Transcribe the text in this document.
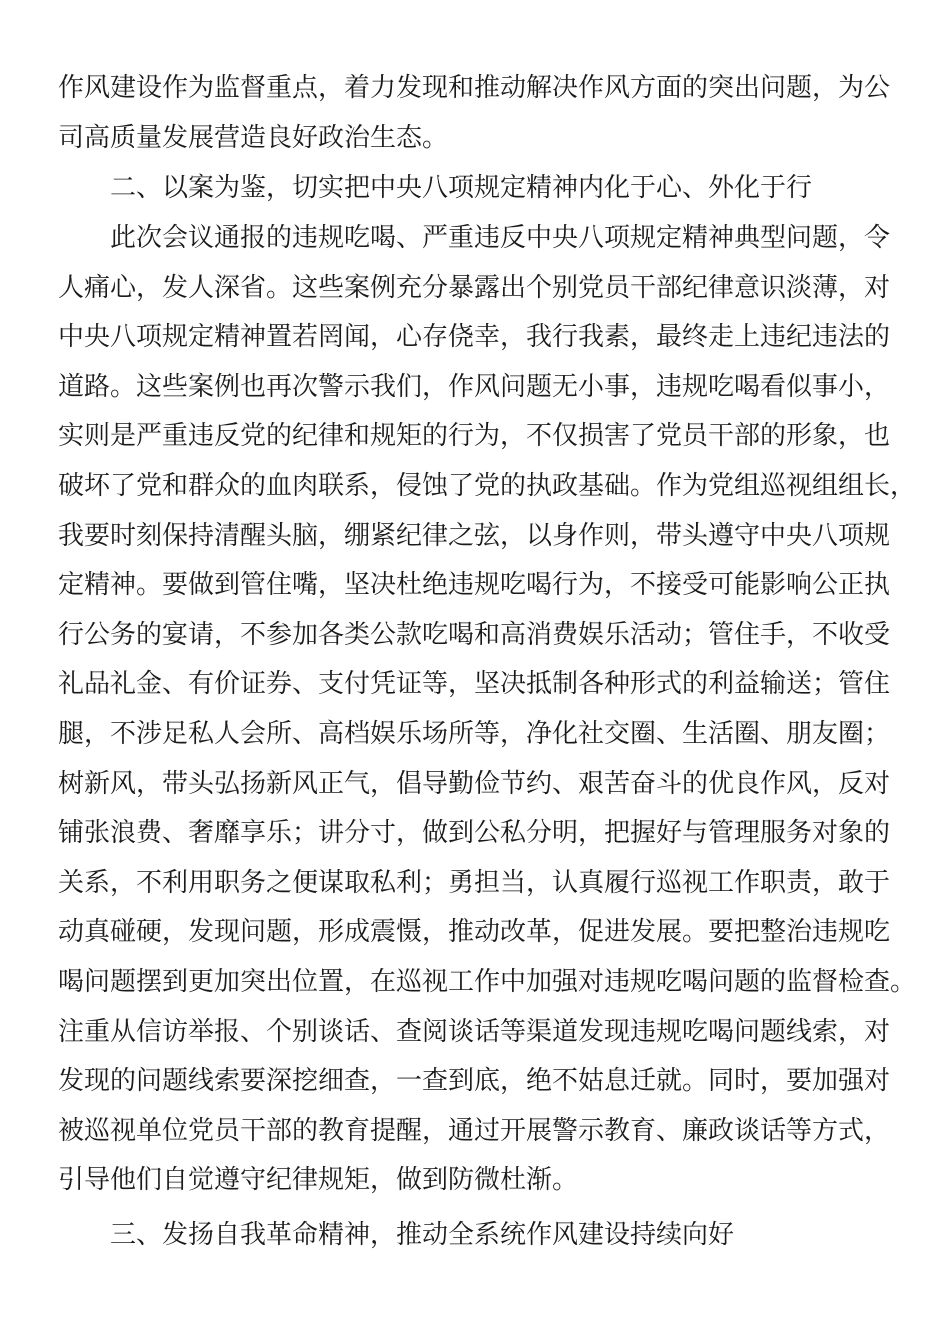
作风建设作为监督重点，着力发现和推动解决作风方面的突出问题，为公
司高质量发展营造良好政治生态。
二、以案为鉴，切实把中央八项规定精神内化于心、外化于行
此次会议通报的违规吃喝、严重违反中央八项规定精神典型问题，令
人痛心，发人深省。这些案例充分暴露出个别党员干部纪律意识淡薄，对
中央八项规定精神置若罔闻，心存侥幸，我行我素，最终走上违纪违法的
道路。这些案例也再次警示我们，作风问题无小事，违规吃喝看似事小，
实则是严重违反党的纪律和规矩的行为，不仅损害了党员干部的形象，也
破坏了党和群众的血肉联系，侵蚀了党的执政基础。作为党组巡视组组长，
我要时刻保持清醒头脑，绷紧纪律之弦，以身作则，带头遵守中央八项规
定精神。要做到管住嘴，坚决杜绝违规吃喝行为，不接受可能影响公正执
行公务的宴请，不参加各类公款吃喝和高消费娱乐活动；管住手，不收受
礼品礼金、有价证券、支付凭证等，坚决抵制各种形式的利益输送；管住
腿，不涉足私人会所、高档娱乐场所等，净化社交圈、生活圈、朋友圈；
树新风，带头弘扬新风正气，倡导勤俭节约、艰苦奋斗的优良作风，反对
铺张浪费、奢靡享乐；讲分寸，做到公私分明，把握好与管理服务对象的
关系，不利用职务之便谋取私利；勇担当，认真履行巡视工作职责，敢于
动真碰硬，发现问题，形成震慑，推动改革，促进发展。要把整治违规吃
喝问题摆到更加突出位置，在巡视工作中加强对违规吃喝问题的监督检查。
注重从信访举报、个别谈话、查阅谈话等渠道发现违规吃喝问题线索，对
发现的问题线索要深挖细查，一查到底，绝不姑息迁就。同时，要加强对
被巡视单位党员干部的教育提醒，通过开展警示教育、廉政谈话等方式，
引导他们自觉遵守纪律规矩，做到防微杜渐。
三、发扬自我革命精神，推动全系统作风建设持续向好
